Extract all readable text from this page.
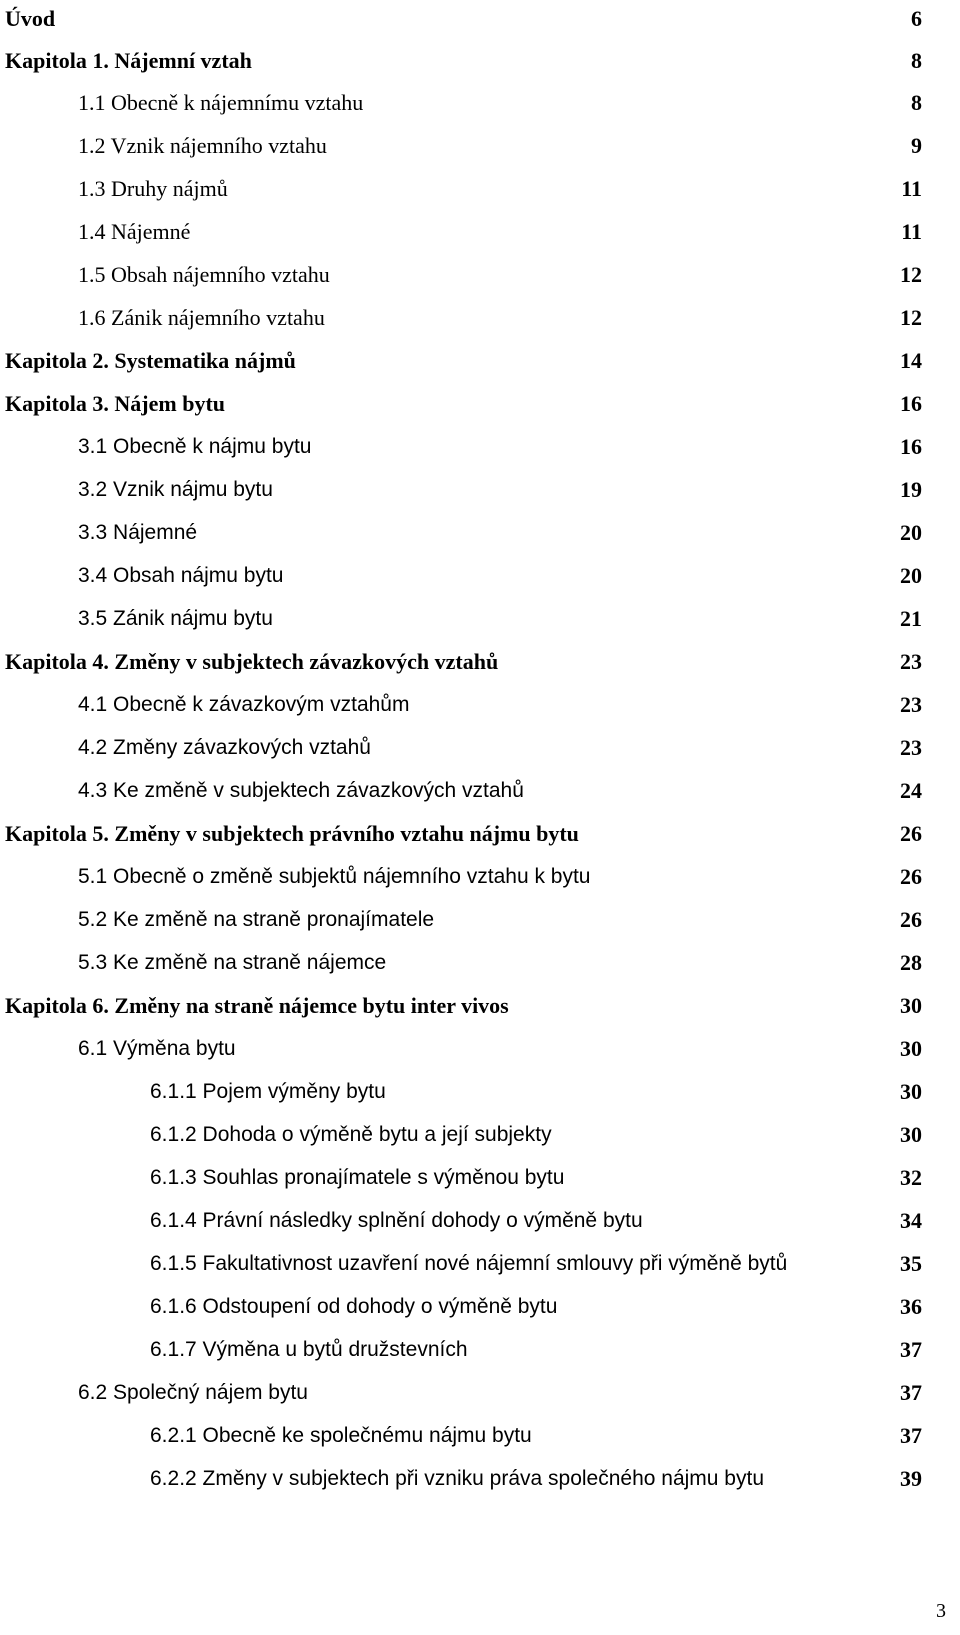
Úvod	6
Kapitola 1. Nájemní vztah	8
1.1 Obecně k nájemnímu vztahu	8
1.2 Vznik nájemního vztahu	9
1.3 Druhy nájmů	11
1.4 Nájemné	11
1.5 Obsah nájemního vztahu	12
1.6 Zánik nájemního vztahu	12
Kapitola 2. Systematika nájmů	14
Kapitola 3. Nájem bytu	16
3.1 Obecně k nájmu bytu	16
3.2 Vznik nájmu bytu	19
3.3 Nájemné	20
3.4 Obsah nájmu bytu	20
3.5 Zánik nájmu bytu	21
Kapitola 4. Změny v subjektech závazkových vztahů	23
4.1 Obecně k závazkovým vztahům	23
4.2 Změny závazkových vztahů	23
4.3 Ke změně v subjektech závazkových vztahů	24
Kapitola 5. Změny v subjektech právního vztahu nájmu bytu	26
5.1 Obecně o změně subjektů nájemního vztahu k bytu	26
5.2 Ke změně na straně pronajímatele	26
5.3 Ke změně na straně nájemce	28
Kapitola 6. Změny na straně nájemce bytu inter vivos	30
6.1 Výměna bytu	30
6.1.1 Pojem výměny bytu	30
6.1.2 Dohoda o výměně bytu a její subjekty	30
6.1.3 Souhlas pronajímatele s výměnou bytu	32
6.1.4 Právní následky splnění dohody o výměně bytu	34
6.1.5 Fakultativnost uzavření nové nájemní smlouvy při výměně bytů	35
6.1.6 Odstoupení od dohody o výměně bytu	36
6.1.7 Výměna u bytů družstevních	37
6.2 Společný nájem bytu	37
6.2.1 Obecně ke společnému nájmu bytu	37
6.2.2 Změny v subjektech při vzniku práva společného nájmu bytu	39
3
